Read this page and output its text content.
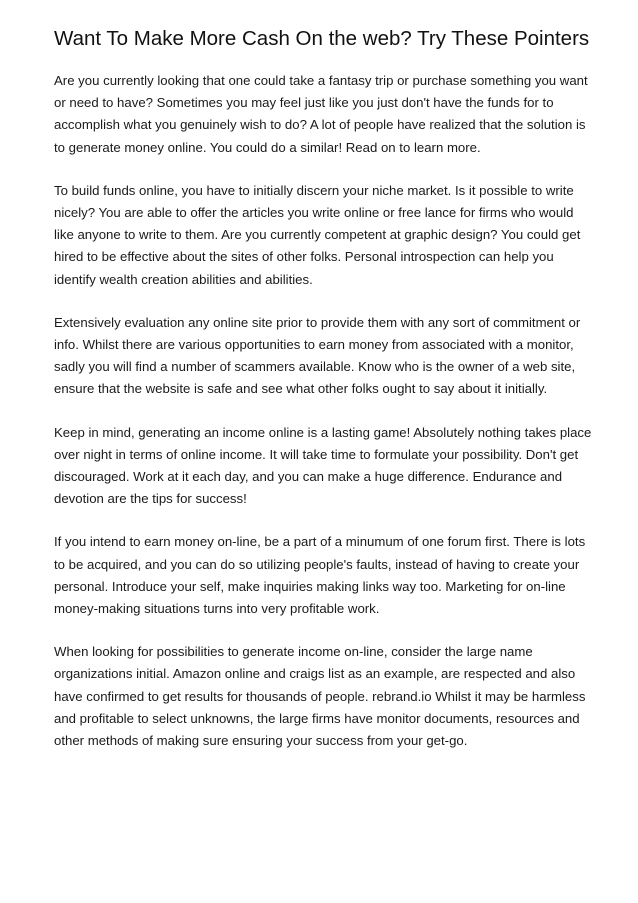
Want To Make More Cash On the web? Try These Pointers

Are you currently looking that one could take a fantasy trip or purchase something you want or need to have? Sometimes you may feel just like you just don't have the funds for to accomplish what you genuinely wish to do? A lot of people have realized that the solution is to generate money online. You could do a similar! Read on to learn more.

To build funds online, you have to initially discern your niche market. Is it possible to write nicely? You are able to offer the articles you write online or free lance for firms who would like anyone to write to them. Are you currently competent at graphic design? You could get hired to be effective about the sites of other folks. Personal introspection can help you identify wealth creation abilities and abilities.

Extensively evaluation any online site prior to provide them with any sort of commitment or info. Whilst there are various opportunities to earn money from associated with a monitor, sadly you will find a number of scammers available. Know who is the owner of a web site, ensure that the website is safe and see what other folks ought to say about it initially.

Keep in mind, generating an income online is a lasting game! Absolutely nothing takes place over night in terms of online income. It will take time to formulate your possibility. Don't get discouraged. Work at it each day, and you can make a huge difference. Endurance and devotion are the tips for success!

If you intend to earn money on-line, be a part of a minumum of one forum first. There is lots to be acquired, and you can do so utilizing people's faults, instead of having to create your personal. Introduce your self, make inquiries making links way too. Marketing for on-line money-making situations turns into very profitable work.

When looking for possibilities to generate income on-line, consider the large name organizations initial. Amazon online and craigs list as an example, are respected and also have confirmed to get results for thousands of people. rebrand.io Whilst it may be harmless and profitable to select unknowns, the large firms have monitor documents, resources and other methods of making sure ensuring your success from your get-go.
